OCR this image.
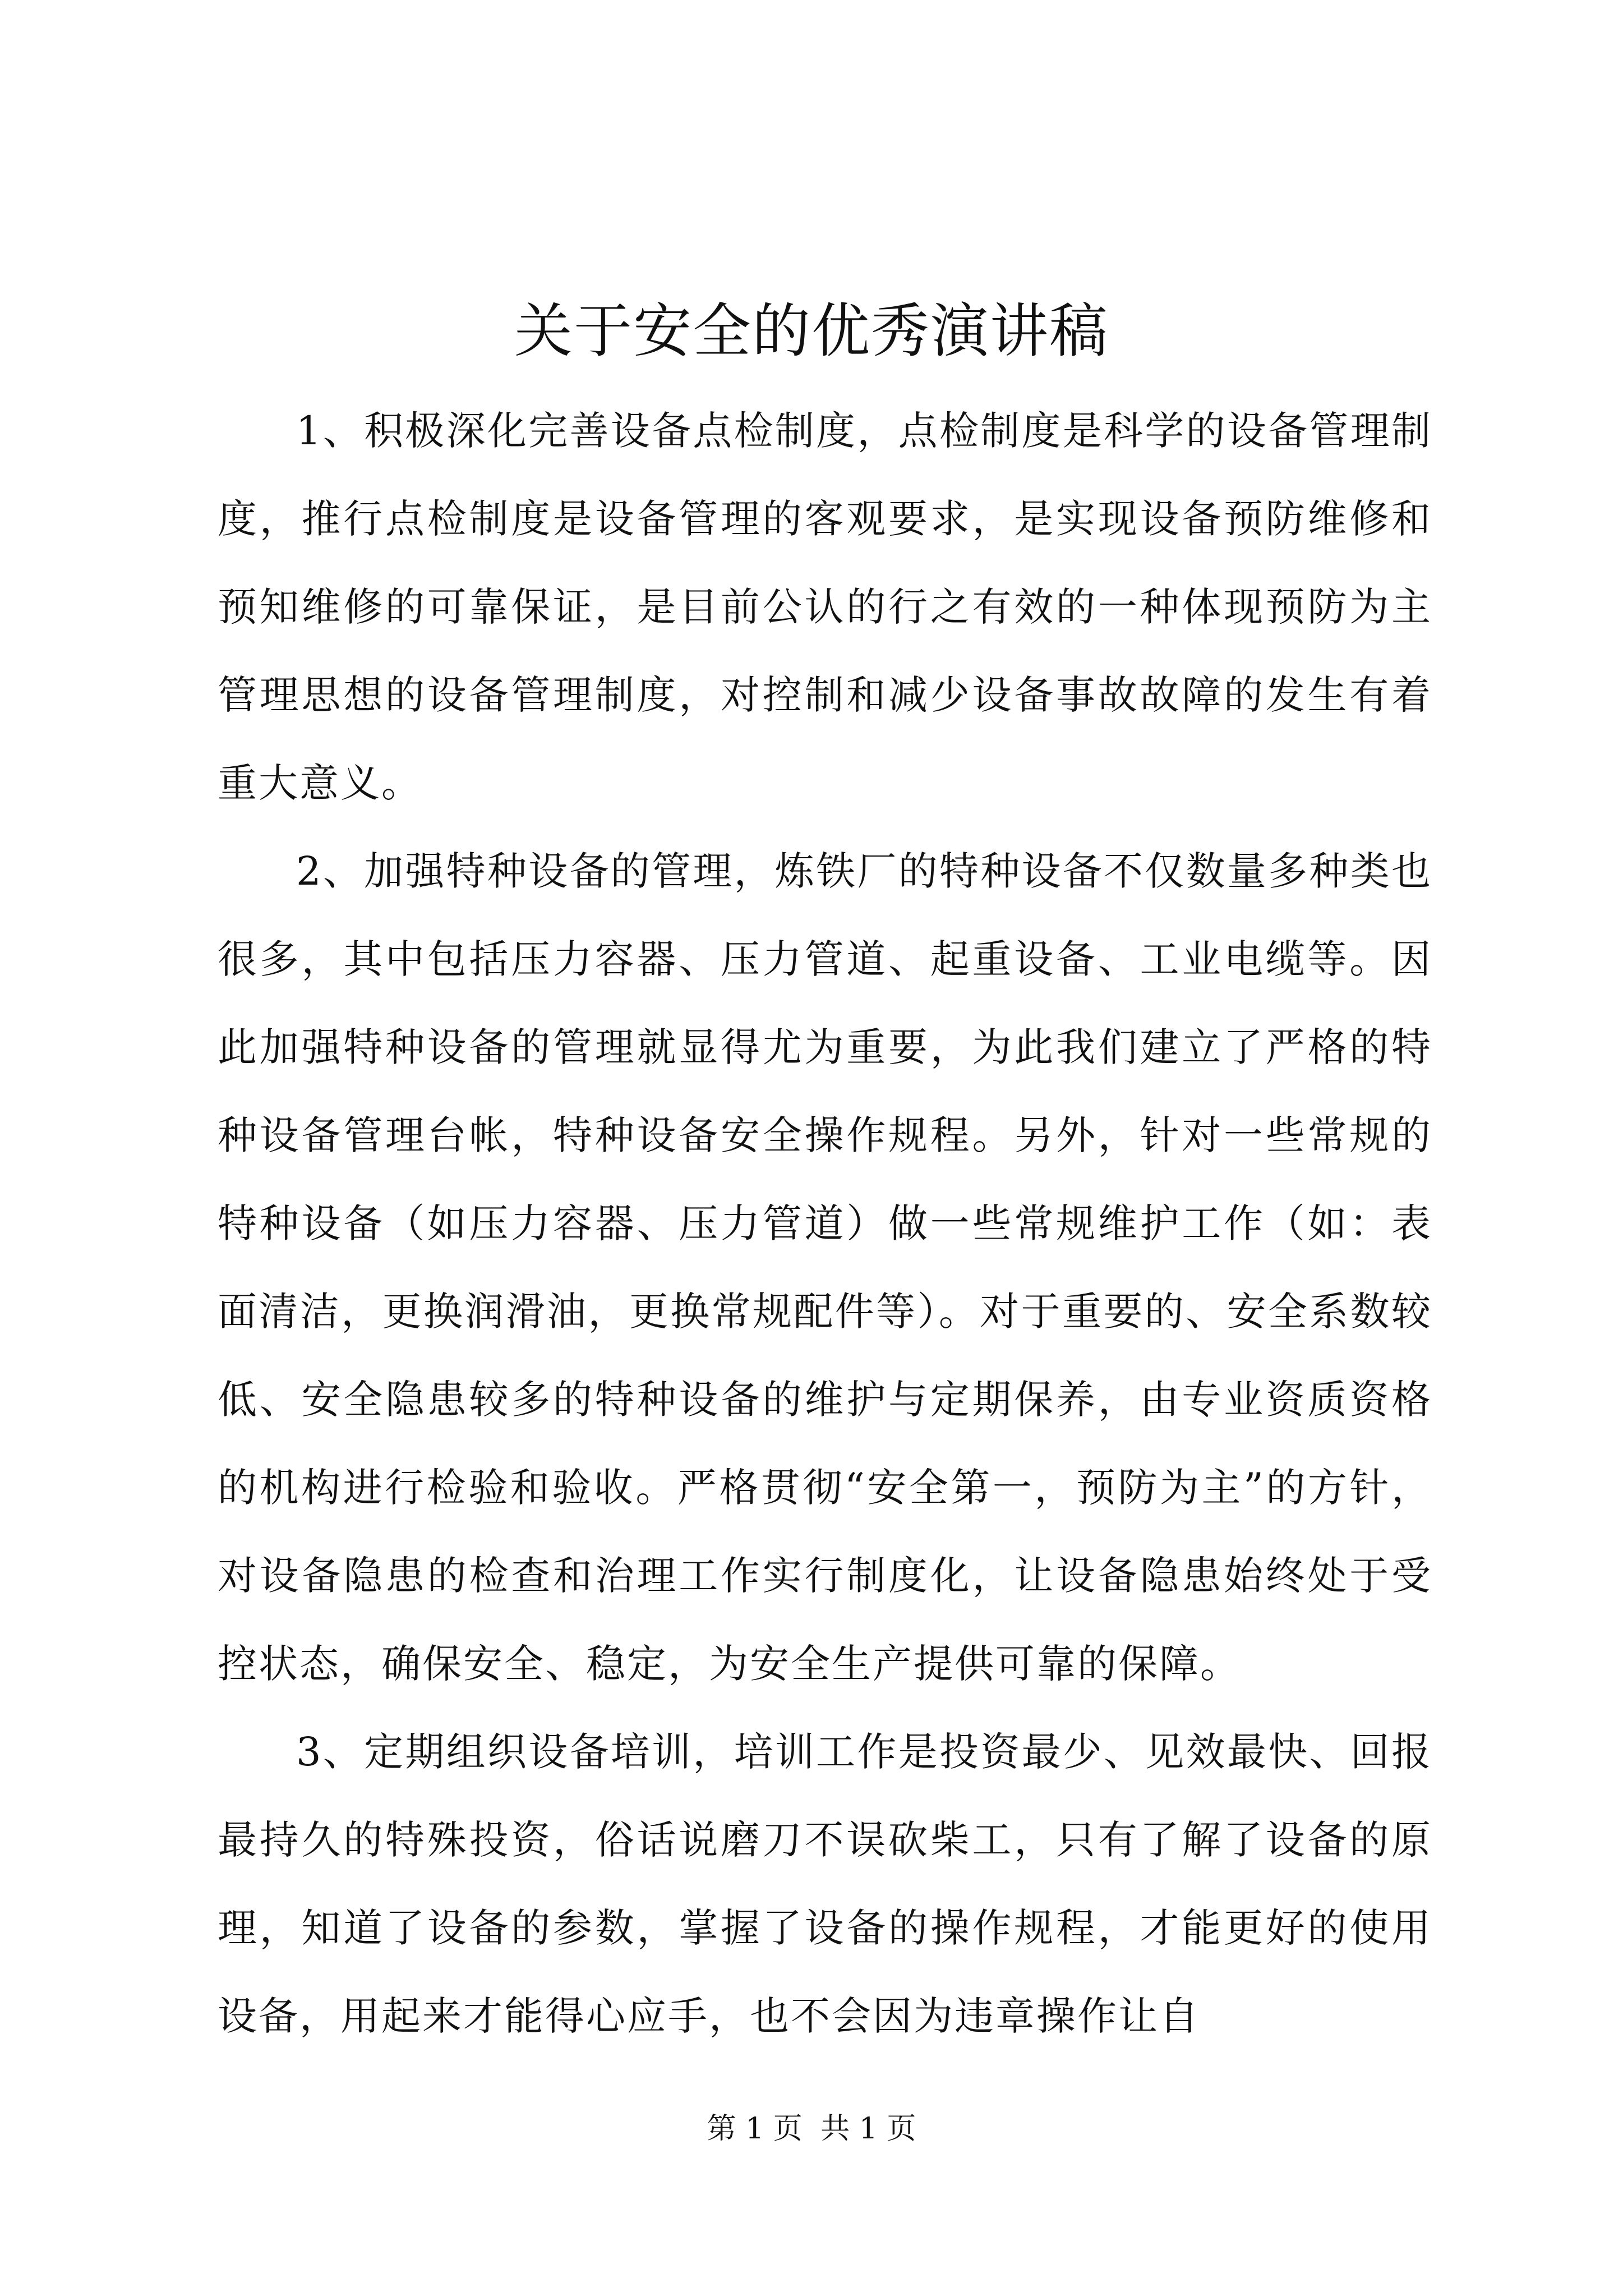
关于安全的优秀演讲稿

1、积极深化完善设备点检制度，点检制度是科学的设备管理制度，推行点检制度是设备管理的客观要求，是实现设备预防维修和预知维修的可靠保证，是目前公认的行之有效的一种体现预防为主管理思想的设备管理制度，对控制和减少设备事故故障的发生有着重大意义。

2、加强特种设备的管理，炼铁厂的特种设备不仅数量多种类也很多，其中包括压力容器、压力管道、起重设备、工业电缆等。因此加强特种设备的管理就显得尤为重要，为此我们建立了严格的特种设备管理台帐，特种设备安全操作规程。另外，针对一些常规的特种设备（如压力容器、压力管道）做一些常规维护工作（如：表面清洁，更换润滑油，更换常规配件等）。对于重要的、安全系数较低、安全隐患较多的特种设备的维护与定期保养，由专业资质资格的机构进行检验和验收。严格贯彻“安全第一，预防为主”的方针，对设备隐患的检查和治理工作实行制度化，让设备隐患始终处于受控状态，确保安全、稳定，为安全生产提供可靠的保障。

3、定期组织设备培训，培训工作是投资最少、见效最快、回报最持久的特殊投资，俗话说磨刀不误砍柴工，只有了解了设备的原理，知道了设备的参数，掌握了设备的操作规程，才能更好的使用设备，用起来才能得心应手，也不会因为违章操作让自

第 1 页 共 1 页
